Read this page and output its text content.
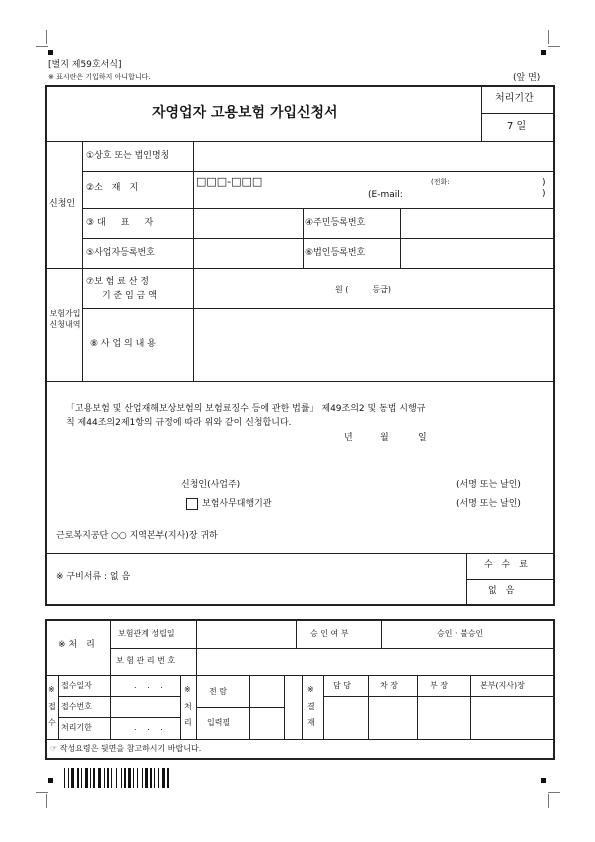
[별지 제59호서식]
※ 표시란은 기입하지 아니합니다.	(앞 면)
자영업자 고용보험 가입신청서
처리기간
7 일
신청인
①상호 또는 법인명칭
②소　재　지	□□□-□□□	(전화:	)
(E-mail:	)
③대　표　자	④주민등록번호
⑤사업자등록번호	⑥법인등록번호
보험가입신청내역
⑦보 험 료 산 정
기 준 임 금 액
원 (　　　등급)
⑧ 사 업 의 내 용
「고용보험 및 산업재해보상보험의 보험료징수 등에 관한 법률」 제49조의2 및 동법 시행규
칙 제44조의2제1항의 규정에 따라 위와 같이 신청합니다.
년	월	일
신청인(사업주)	(서명 또는 날인)
보험사무대행기관	(서명 또는 날인)
근로복지공단 ○○ 지역본부(지사)장 귀하
※ 구비서류 : 없 음
수 수 료
없　음
※ 처　리
보험관계 성립일
보 험 관 리 번 호
승 인 여 부	승인 · 불승인
※
접
수
접수일자	. . .
접수번호
처리기한	. . .
※
처
리
전 람
입력필
※
결
재
담 당	차 장	부 장	본부(지사)장
☞ 작성요령은 뒷면을 참고하시기 바랍니다.
